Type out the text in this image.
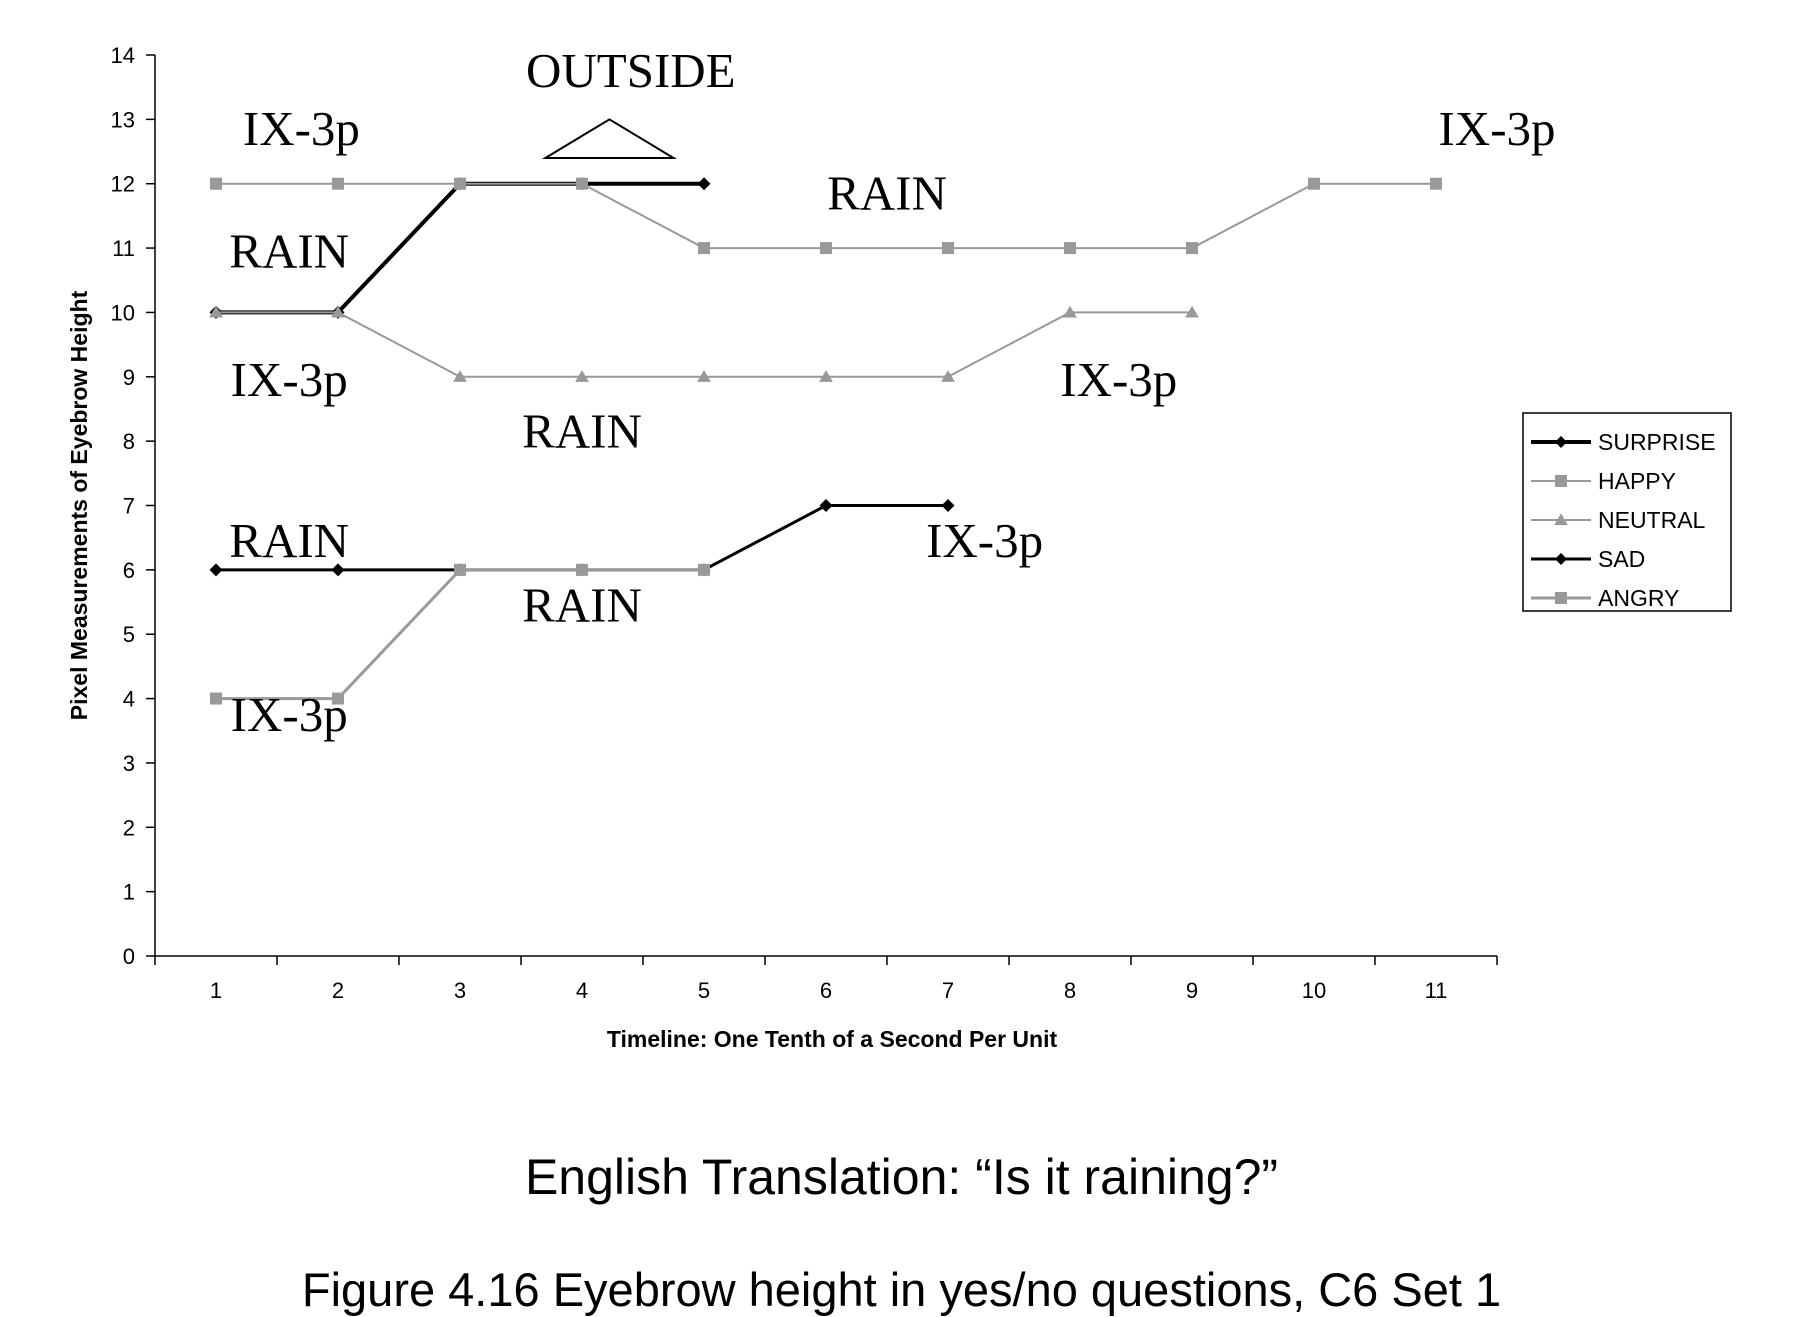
0
1
2
3
4
5
6
7
8
9
10
11
12
13
14
1	2	3	4	5	6	7	8	9	10	11
Timeline: One Tenth of a Second Per Unit
Pixel Measurements of Eyebrow Height
IX-3p
OUTSIDE
IX-3p
RAIN
RAIN
IX-3p	IX-3p
RAIN
RAIN	IX-3p
RAIN
IX-3p
SURPRISE
HAPPY
NEUTRAL
SAD
ANGRY
English Translation: “Is it raining?”
Figure 4.16 Eyebrow height in yes/no questions, C6 Set 1
